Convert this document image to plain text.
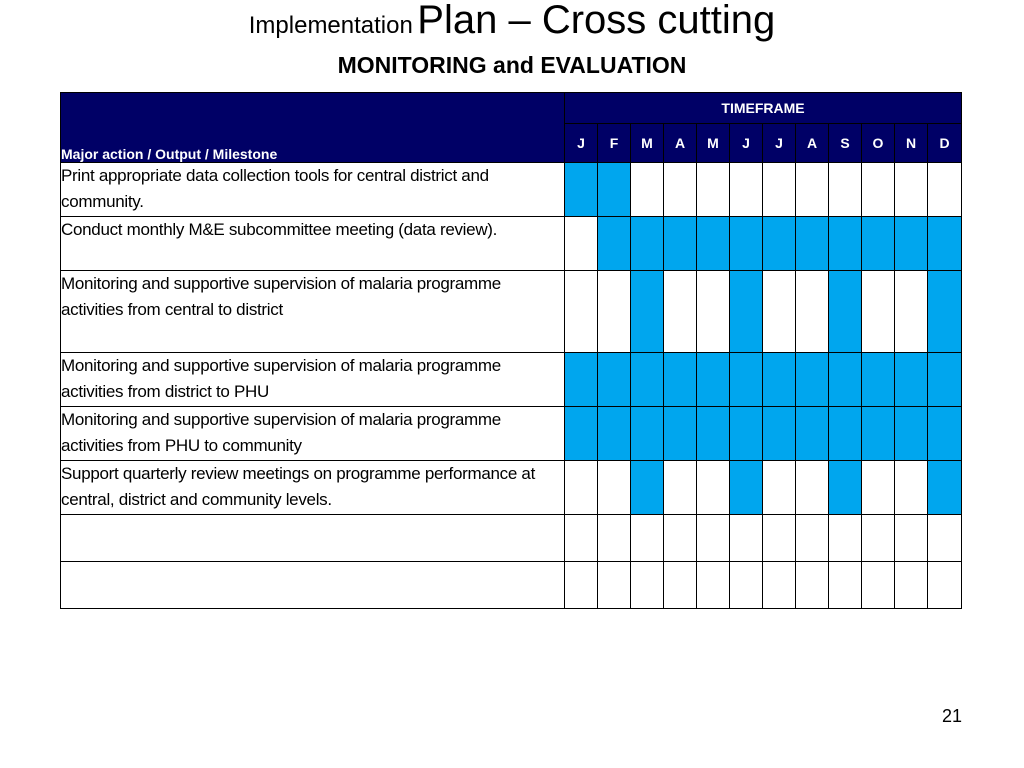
Implementation Plan – Cross cutting
MONITORING and EVALUATION
Major action / Output / Milestone	TIMEFRAME											
	J	F	M	A	M	J	J	A	S	O	N	D
Print appropriate data collection tools for central district and community.												
Conduct monthly M&E subcommittee meeting (data review).												
Monitoring and supportive supervision of malaria programme activities from central to district												
Monitoring and supportive supervision of malaria programme activities from district to PHU												
Monitoring and supportive supervision of malaria programme activities from PHU to community												
Support quarterly review meetings on programme performance at central, district and community levels.												

21
